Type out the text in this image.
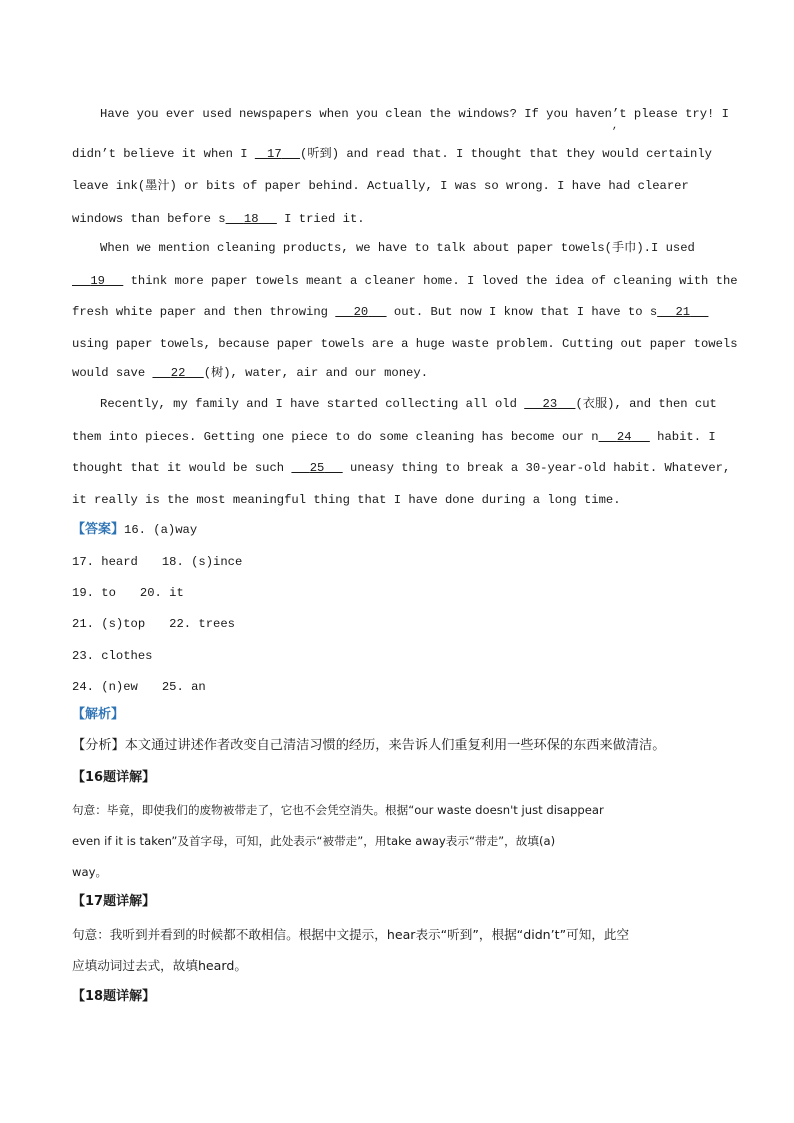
Have you ever used newspapers when you clean the windows? If you haven’t please try! I
,
didn’t believe it when I   17    (听到) and read that. I thought that they would certainly
leave ink(墨汁) or bits of paper behind. Actually, I was so wrong. I have had clearer
windows than before s    18    I tried it.
When we mention cleaning products, we have to talk about paper towels(手巾).I used
   19    think more paper towels meant a cleaner home. I loved the idea of cleaning with the
fresh white paper and then throwing    20    out. But now I know that I have to s    21   
using paper towels, because paper towels are a huge waste problem. Cutting out paper towels
would save    22    (树), water, air and our money.
Recently, my family and I have started collecting all old    23    (衣服), and then cut
them into pieces. Getting one piece to do some cleaning has become our n    24    habit. I
thought that it would be such    25    uneasy thing to break a 30-year-old habit. Whatever,
it really is the most meaningful thing that I have done during a long time.
【答案】16. (a)way
17. heard 18. (s)ince
19. to 20. it
21. (s)top 22. trees
23. clothes
24. (n)ew 25. an
【解析】
【分析】本文通过讲述作者改变自己清洁习惯的经历，来告诉人们重复利用一些环保的东西来做清洁。
【16题详解】
句意：毕竟，即使我们的废物被带走了，它也不会凭空消失。根据“our waste doesn't just disappear
even if it is taken”及首字母，可知，此处表示“被带走”，用take away表示“带走”，故填(a)
way。
【17题详解】
句意：我听到并看到的时候都不敢相信。根据中文提示，hear表示“听到”，根据“didn’t”可知，此空
应填动词过去式，故填heard。
【18题详解】
